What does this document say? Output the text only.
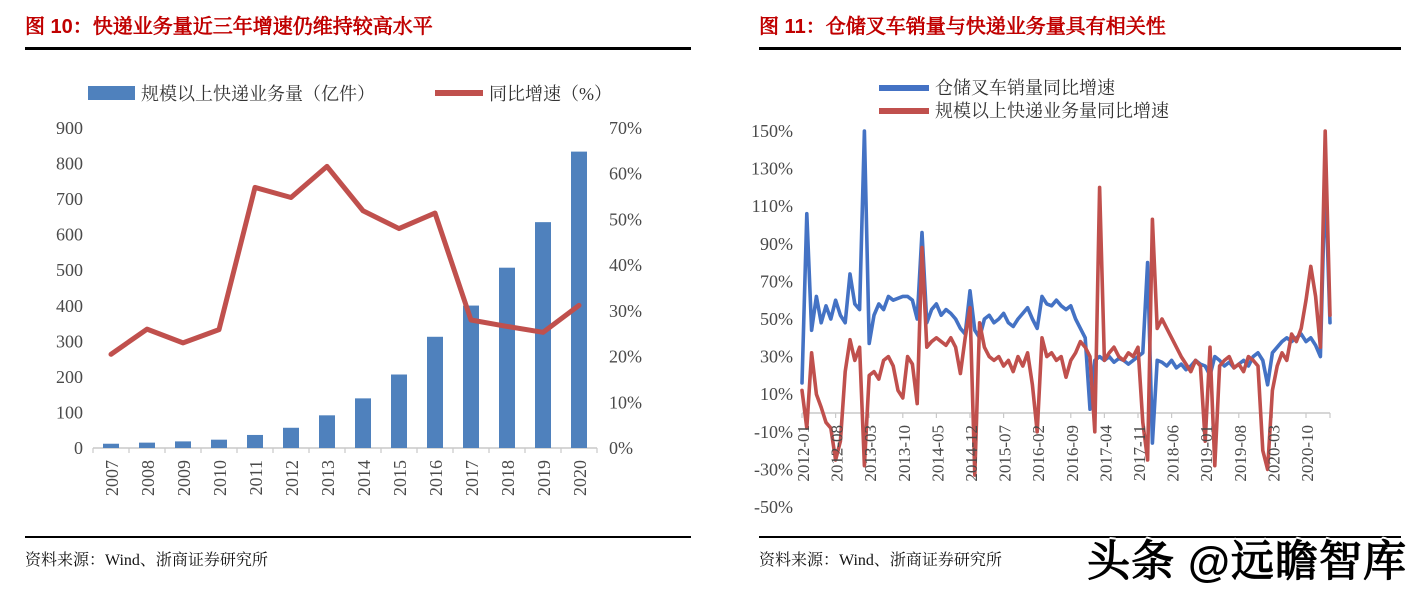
图 10：快递业务量近三年增速仍维持较高水平
规模以上快递业务量（亿件）	同比增速（%）
0
100
200
300
400
500
600
700
800
900
0%
10%
20%
30%
40%
50%
60%
70%
2007 2008 2009 2010 2011 2012 2013 2014 2015 2016 2017 2018 2019 2020
资料来源：Wind、浙商证券研究所
图 11：仓储叉车销量与快递业务量具有相关性
仓储叉车销量同比增速
规模以上快递业务量同比增速
150%
130%
110%
90%
70%
50%
30%
10%
-10%
-30%
-50%
2012-01 2012-08 2013-03 2013-10 2014-05 2014-12 2015-07 2016-02 2016-09 2017-04 2017-11 2018-06 2019-01 2019-08 2020-03 2020-10
资料来源：Wind、浙商证券研究所	头条 @远瞻智库
